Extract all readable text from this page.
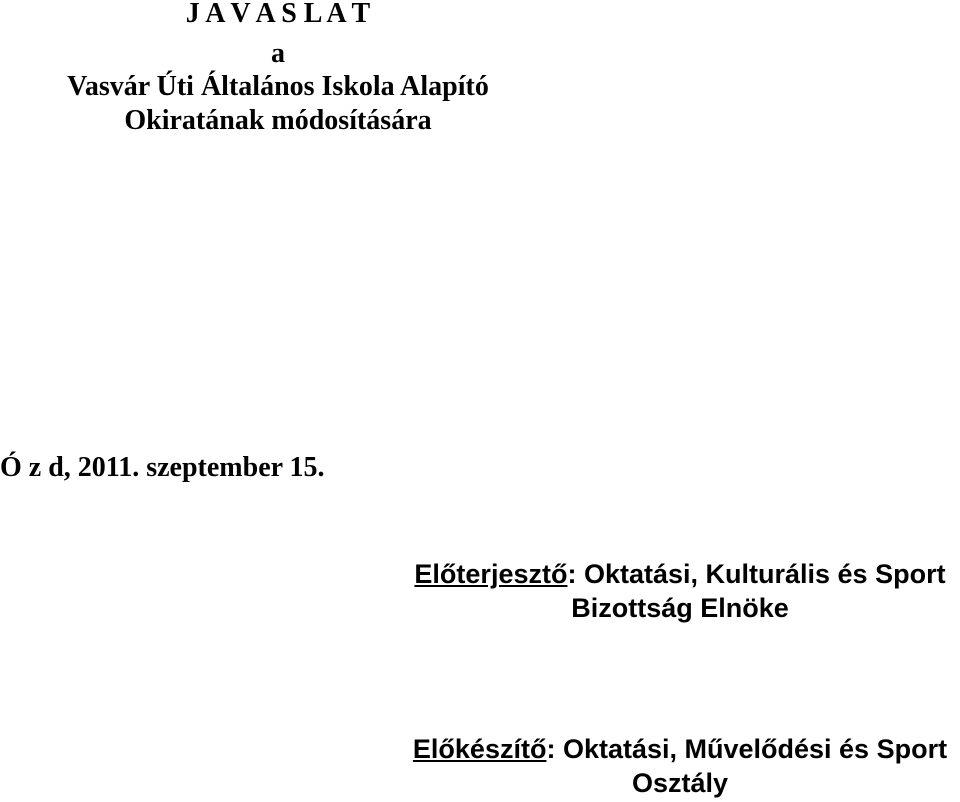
J A V A S L A T
a
Vasvár Úti Általános Iskola Alapító Okiratának módosítására
Ó z d, 2011. szeptember 15.
Előterjesztő: Oktatási, Kulturális és Sport
Bizottság Elnöke
Előkészítő: Oktatási, Művelődési és Sport
Osztály
